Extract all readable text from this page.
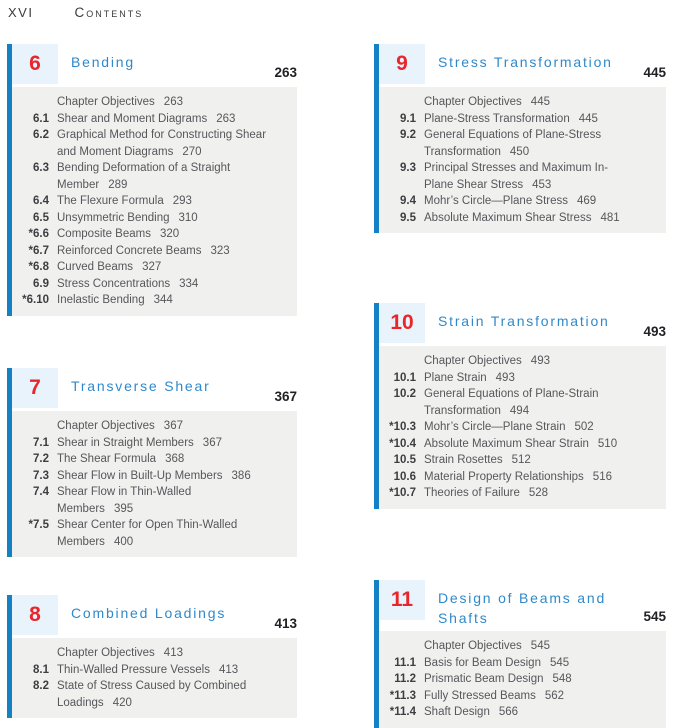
XVI	Contents
6	Bending
263
Chapter Objectives 263
6.1 Shear and Moment Diagrams 263
6.2 Graphical Method for Constructing Shear and Moment Diagrams 270
6.3 Bending Deformation of a Straight Member 289
6.4 The Flexure Formula 293
6.5 Unsymmetric Bending 310
*6.6 Composite Beams 320
*6.7 Reinforced Concrete Beams 323
*6.8 Curved Beams 327
6.9 Stress Concentrations 334
*6.10 Inelastic Bending 344
7	Transverse Shear
367
Chapter Objectives 367
7.1 Shear in Straight Members 367
7.2 The Shear Formula 368
7.3 Shear Flow in Built-Up Members 386
7.4 Shear Flow in Thin-Walled Members 395
*7.5 Shear Center for Open Thin-Walled Members 400
8	Combined Loadings
413
Chapter Objectives 413
8.1 Thin-Walled Pressure Vessels 413
8.2 State of Stress Caused by Combined Loadings 420
9	Stress Transformation
445
Chapter Objectives 445
9.1 Plane-Stress Transformation 445
9.2 General Equations of Plane-Stress Transformation 450
9.3 Principal Stresses and Maximum In-Plane Shear Stress 453
9.4 Mohr’s Circle—Plane Stress 469
9.5 Absolute Maximum Shear Stress 481
10	Strain Transformation
493
Chapter Objectives 493
10.1 Plane Strain 493
10.2 General Equations of Plane-Strain Transformation 494
*10.3 Mohr’s Circle—Plane Strain 502
*10.4 Absolute Maximum Shear Strain 510
10.5 Strain Rosettes 512
10.6 Material Property Relationships 516
*10.7 Theories of Failure 528
11	Design of Beams and Shafts	545
Chapter Objectives 545
11.1 Basis for Beam Design 545
11.2 Prismatic Beam Design 548
*11.3 Fully Stressed Beams 562
*11.4 Shaft Design 566
